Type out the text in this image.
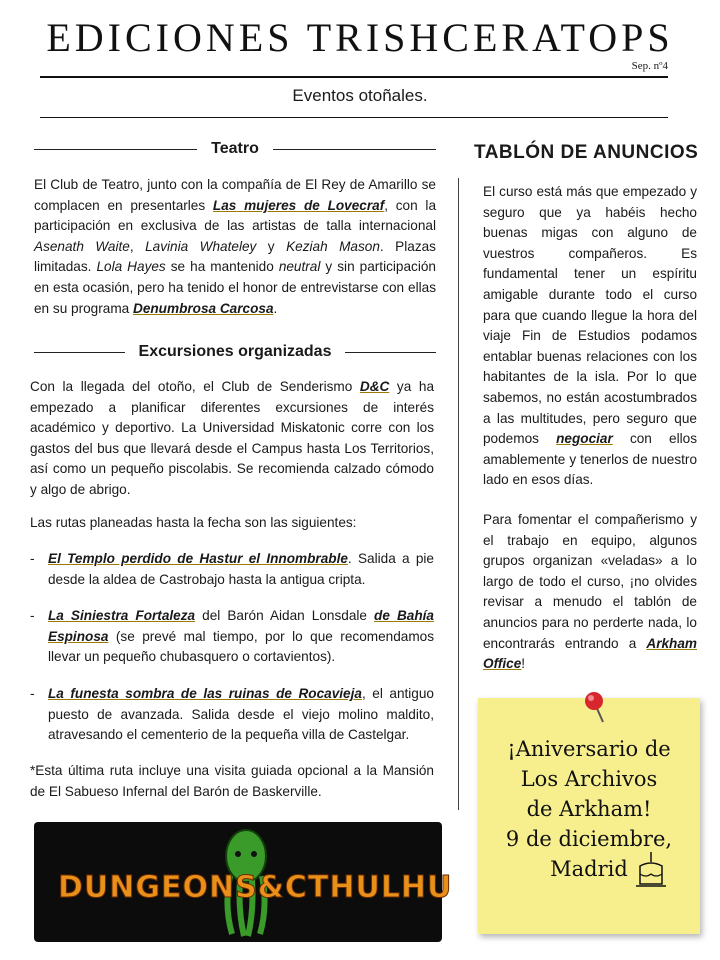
EDICIONES TRISHCERATOPS
Sep. nº4
Eventos otoñales.
Teatro
El Club de Teatro, junto con la compañía de El Rey de Amarillo se complacen en presentarles Las mujeres de Lovecraf, con la participación en exclusiva de las artistas de talla internacional Asenath Waite, Lavinia Whateley y Keziah Mason. Plazas limitadas. Lola Hayes se ha mantenido neutral y sin participación en esta ocasión, pero ha tenido el honor de entrevistarse con ellas en su programa Denumbrosa Carcosa.
Excursiones organizadas
Con la llegada del otoño, el Club de Senderismo D&C ya ha empezado a planificar diferentes excursiones de interés académico y deportivo. La Universidad Miskatonic corre con los gastos del bus que llevará desde el Campus hasta Los Territorios, así como un pequeño piscolabis. Se recomienda calzado cómodo y algo de abrigo.
Las rutas planeadas hasta la fecha son las siguientes:
- El Templo perdido de Hastur el Innombrable. Salida a pie desde la aldea de Castrobajo hasta la antigua cripta.
- La Siniestra Fortaleza del Barón Aidan Lonsdale de Bahía Espinosa (se prevé mal tiempo, por lo que recomendamos llevar un pequeño chubasquero o cortavientos).
- La funesta sombra de las ruinas de Rocavieja, el antiguo puesto de avanzada. Salida desde el viejo molino maldito, atravesando el cementerio de la pequeña villa de Castelgar.
*Esta última ruta incluye una visita guiada opcional a la Mansión de El Sabueso Infernal del Barón de Baskerville.
DUNGEONS&CTHULHU
TABLÓN DE ANUNCIOS
El curso está más que empezado y seguro que ya habéis hecho buenas migas con alguno de vuestros compañeros. Es fundamental tener un espíritu amigable durante todo el curso para que cuando llegue la hora del viaje Fin de Estudios podamos entablar buenas relaciones con los habitantes de la isla. Por lo que sabemos, no están acostumbrados a las multitudes, pero seguro que podemos negociar con ellos amablemente y tenerlos de nuestro lado en esos días.
Para fomentar el compañerismo y el trabajo en equipo, algunos grupos organizan «veladas» a lo largo de todo el curso, ¡no olvides revisar a menudo el tablón de anuncios para no perderte nada, lo encontrarás entrando a Arkham Office!
¡Aniversario de
Los Archivos
de Arkham!
9 de diciembre,
Madrid
